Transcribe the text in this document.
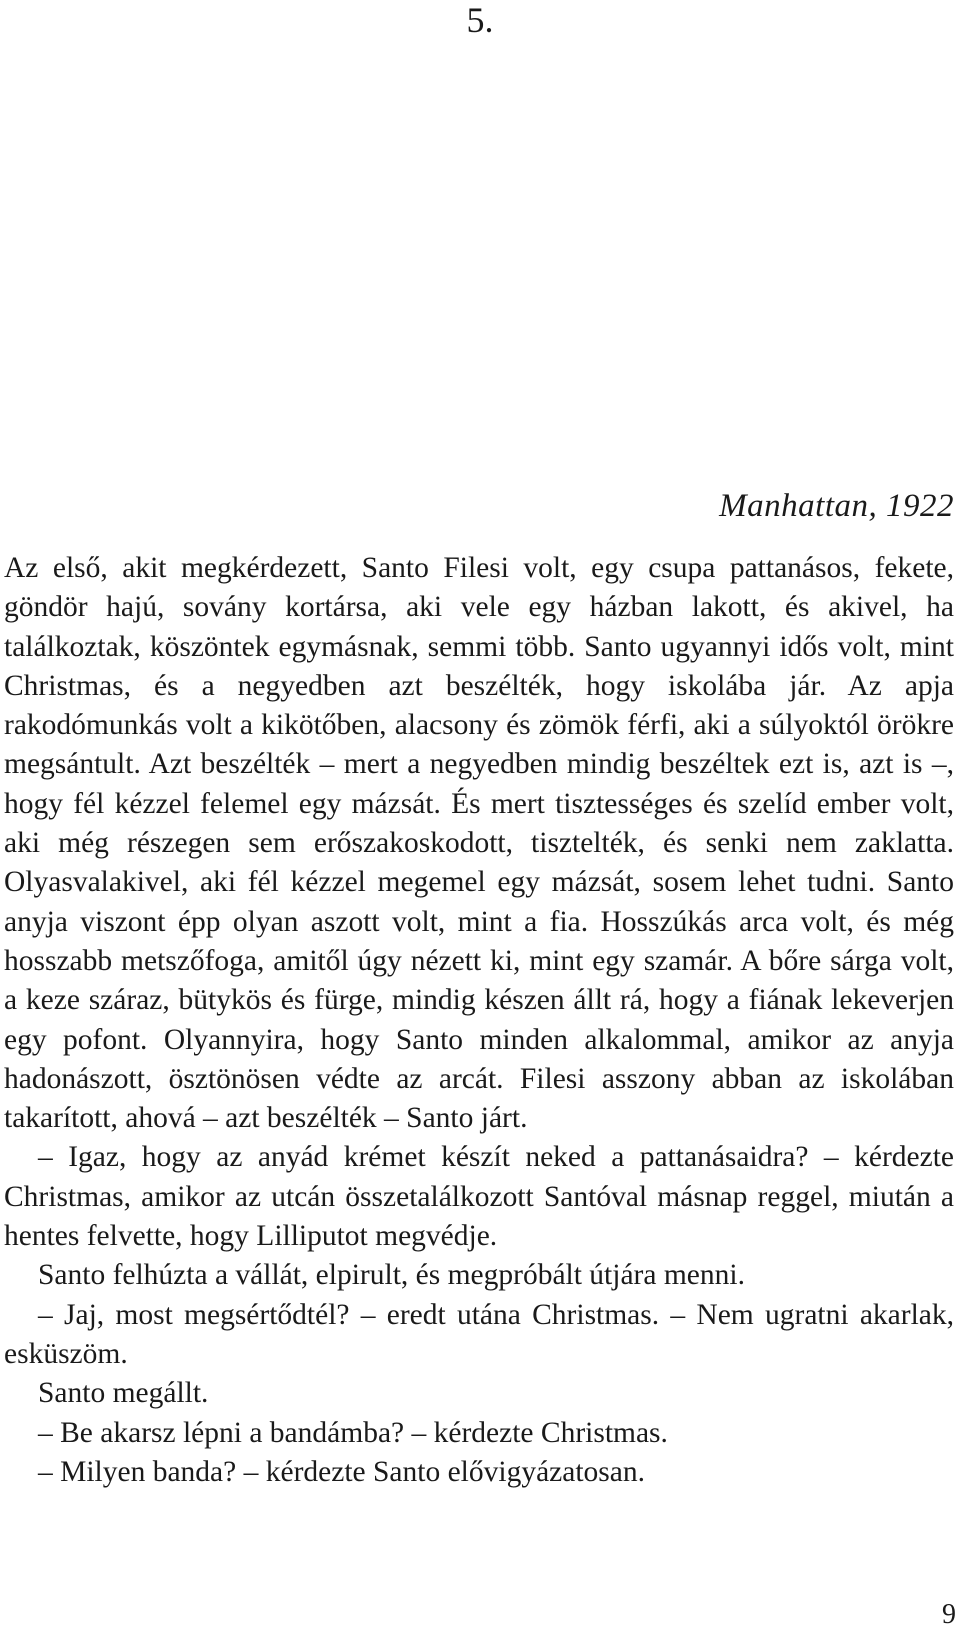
5.

Manhattan, 1922

Az első, akit megkérdezett, Santo Filesi volt, egy csupa pattanásos, fekete, göndör hajú, sovány kortársa, aki vele egy házban lakott, és akivel, ha találkoztak, köszöntek egymásnak, semmi több. Santo ugyannyi idős volt, mint Christmas, és a negyedben azt beszélték, hogy iskolába jár. Az apja rakodómunkás volt a kikötőben, alacsony és zömök férfi, aki a súlyoktól örökre megsántult. Azt beszélték – mert a negyedben mindig beszéltek ezt is, azt is –, hogy fél kézzel felemel egy mázsát. És mert tisztességes és szelíd ember volt, aki még részegen sem erőszakoskodott, tisztelték, és senki nem zaklatta. Olyasvalakivel, aki fél kézzel megemel egy mázsát, sosem lehet tudni. Santo anyja viszont épp olyan aszott volt, mint a fia. Hosszúkás arca volt, és még hosszabb metszőfoga, amitől úgy nézett ki, mint egy szamár. A bőre sárga volt, a keze száraz, bütykös és fürge, mindig készen állt rá, hogy a fiának lekeverjen egy pofont. Olyannyira, hogy Santo minden alkalommal, amikor az anyja hadonászott, ösztönösen védte az arcát. Filesi asszony abban az iskolában takarított, ahová – azt beszélték – Santo járt.

– Igaz, hogy az anyád krémet készít neked a pattanásaidra? – kérdezte Christmas, amikor az utcán összetalálkozott Santóval másnap reggel, miután a hentes felvette, hogy Lilliputot megvédje.

Santo felhúzta a vállát, elpirult, és megpróbált útjára menni.

– Jaj, most megsértődtél? – eredt utána Christmas. – Nem ugratni akarlak, esküszöm.

Santo megállt.

– Be akarsz lépni a bandámba? – kérdezte Christmas.

– Milyen banda? – kérdezte Santo elővigyázatosan.

9
